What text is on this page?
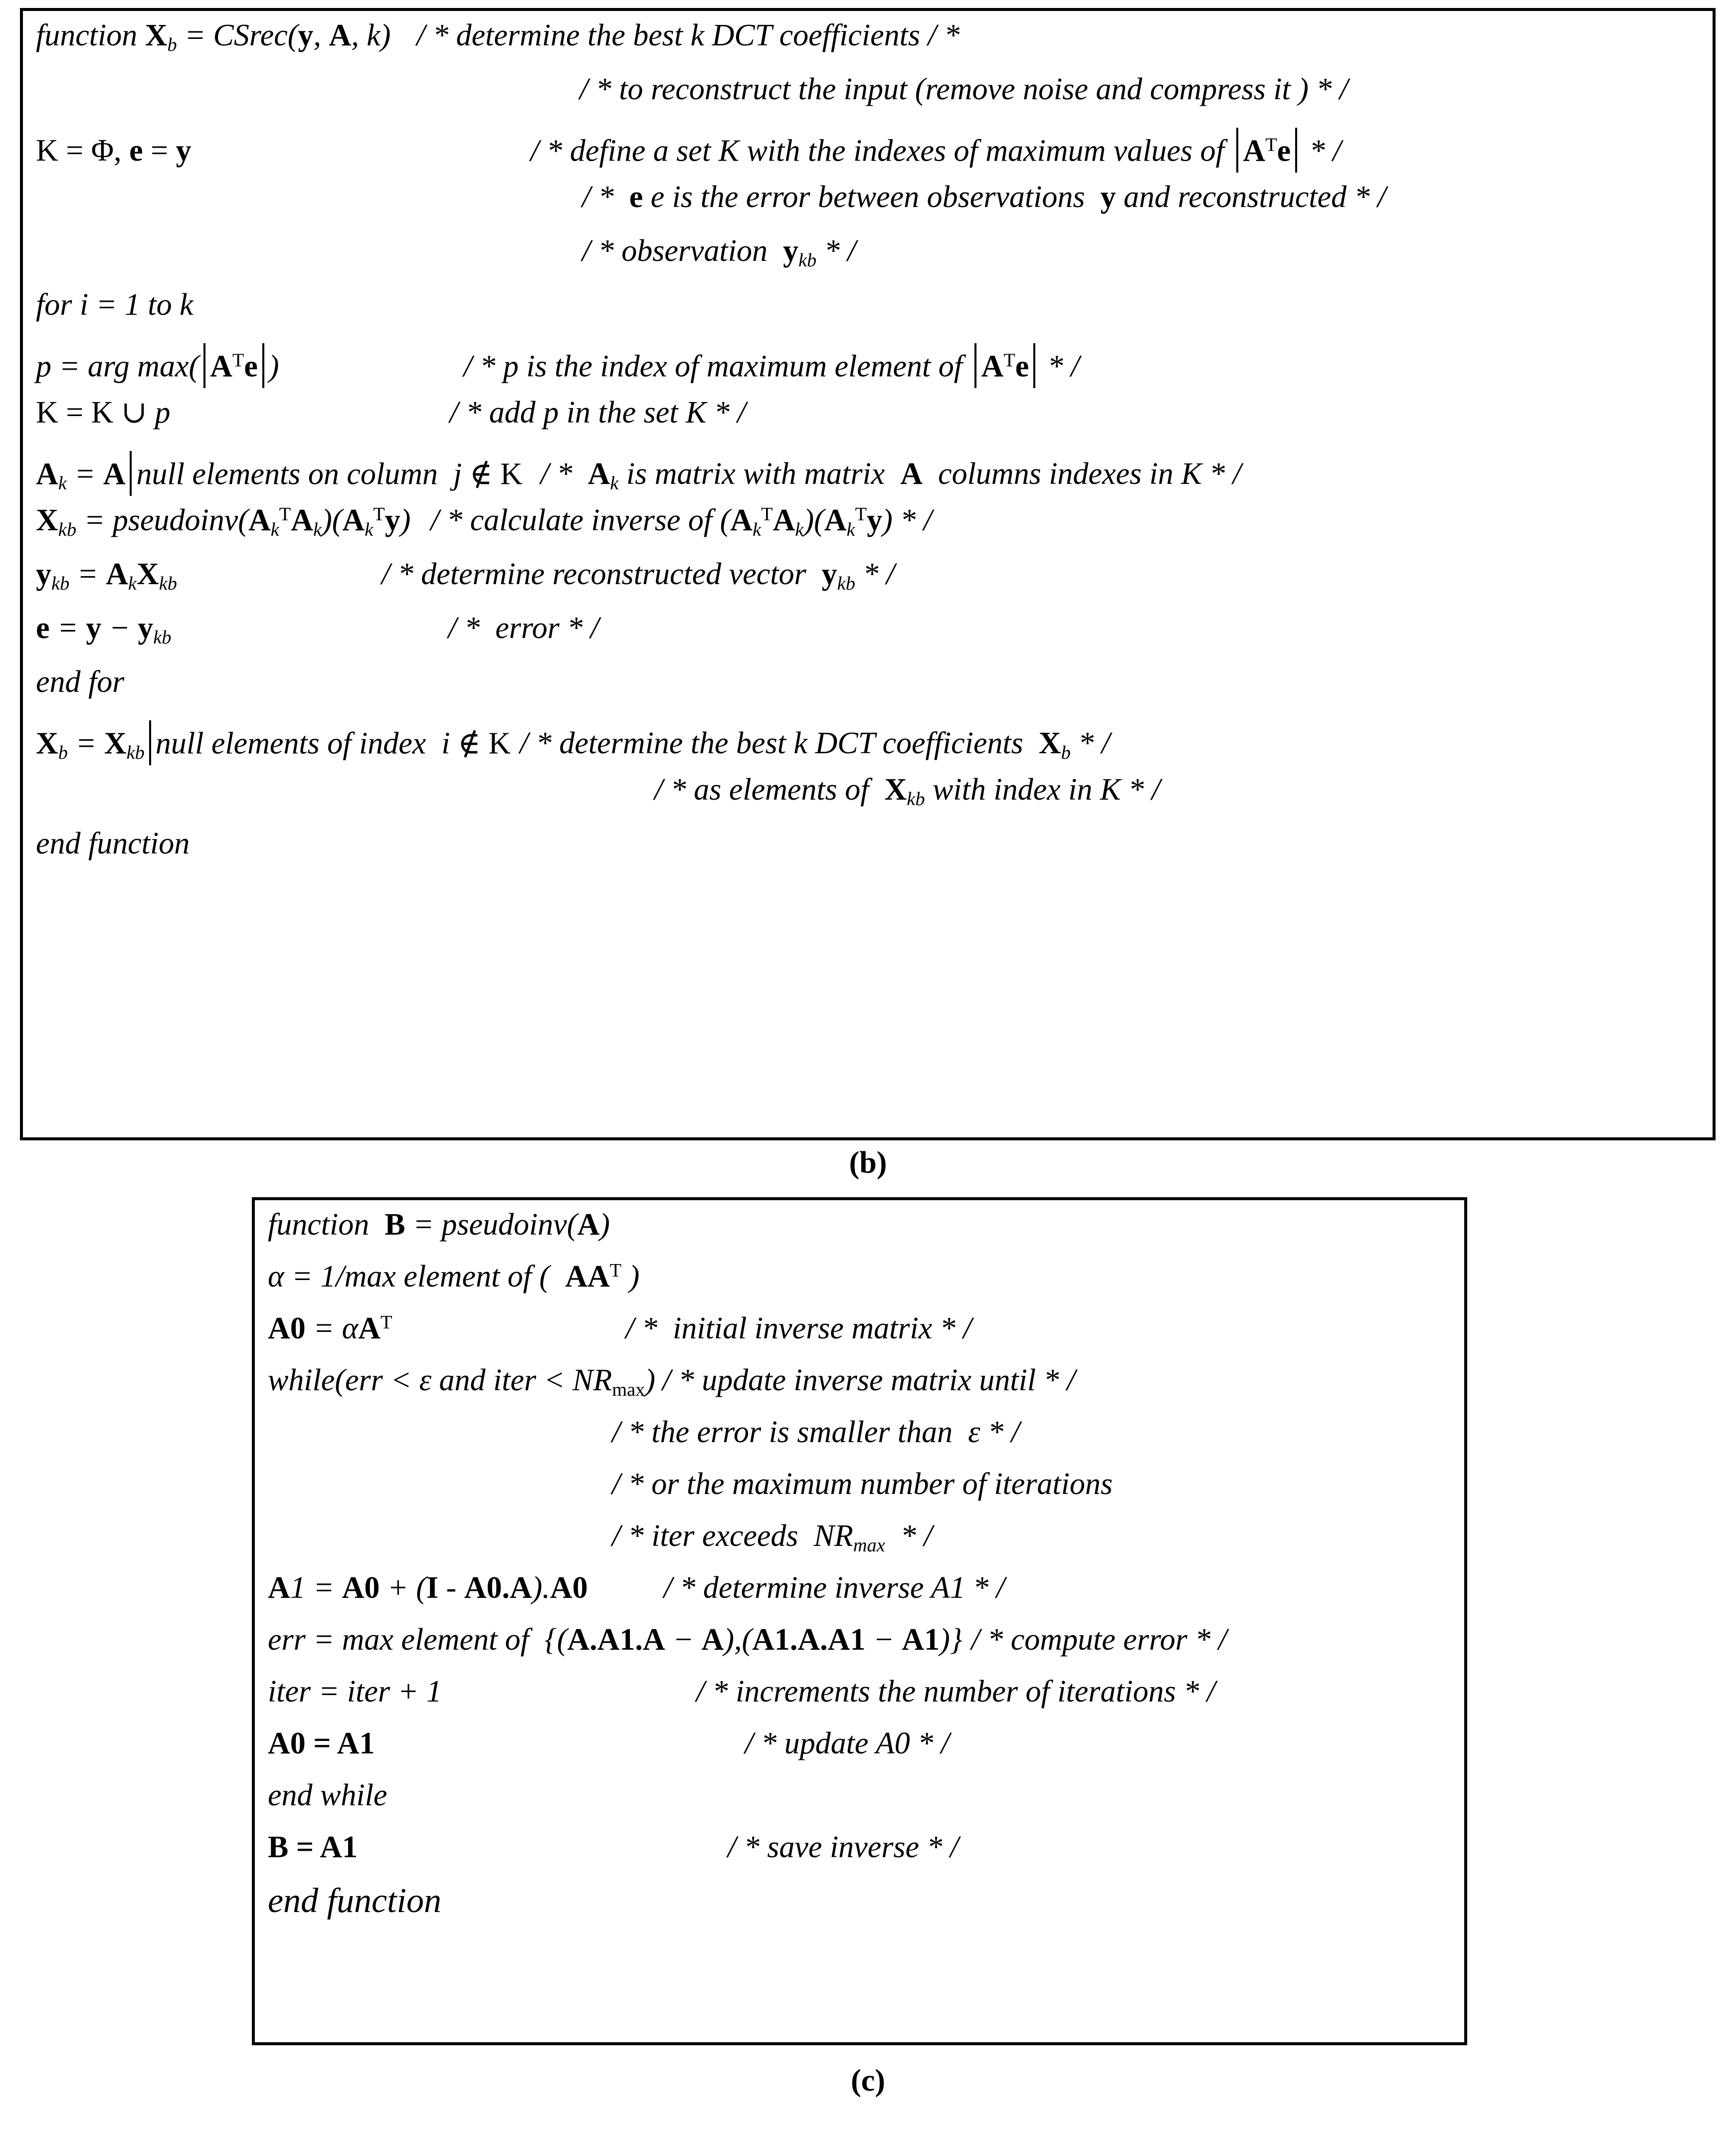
function $X_b$ = CSrec(y, A, k) / * determine the best k DCT coefficients / *
/ * to reconstruct the input (remove noise and compress it ) * /
K = Φ, e = y	/ * define a set K with the indexes of maximum values of $A^Te$ * /
/ *  e e is the error between observations  y and reconstructed * /
/ * observation  $y_{kb}$ * /
for i = 1 to k
p = arg max( $A^Te$ )	/ * p is the index of maximum element of $A^Te$ * /
K = K ∪ p	/ * add p in the set K * /
$A_k = A$ null elements on column  j ∉ K / *  $A_k$ is matrix with matrix  A  columns indexes in K * /
$X_{kb}$ = $pseudoinv(A_k^TA_k)(A_k^Ty)$ / * calculate inverse of $(A_k^TA_k)(A_k^Ty)$ * /
$y_{kb} = A_kX_{kb}$	/ * determine reconstructed vector  $y_{kb}$ * /
$e = y - y_{kb}$	/ * error * /
end for
$X_b = X_{kb}$ null elements of index  i ∉ K / * determine the best k DCT coefficients  $X_b$ * /
/ * as elements of  $X_{kb}$ with index in K * /
end function
(b)
function  B = pseudoinv(A)
α = 1/max element of (  $AA^T$ )
$A0 = \alpha A^T$	/ * initial inverse matrix * /
while(err < ε and iter < $NR_{max}$) / * update inverse matrix until * /
/ * the error is smaller than ε * /
/ * or the maximum number of iterations
/ * iter exceeds $NR_{max}$ * /
A1 = A0 + (I - A0.A).A0 / * determine inverse A1 * /
err = max element of  {(A.A1.A − A),(A1.A.A1 − A1)} / * compute error * /
iter = iter + 1	/ * increments the number of iterations * /
A0 = A1	/ * update A0 * /
end while
B = A1	/ * save inverse * /
end function
(c)
